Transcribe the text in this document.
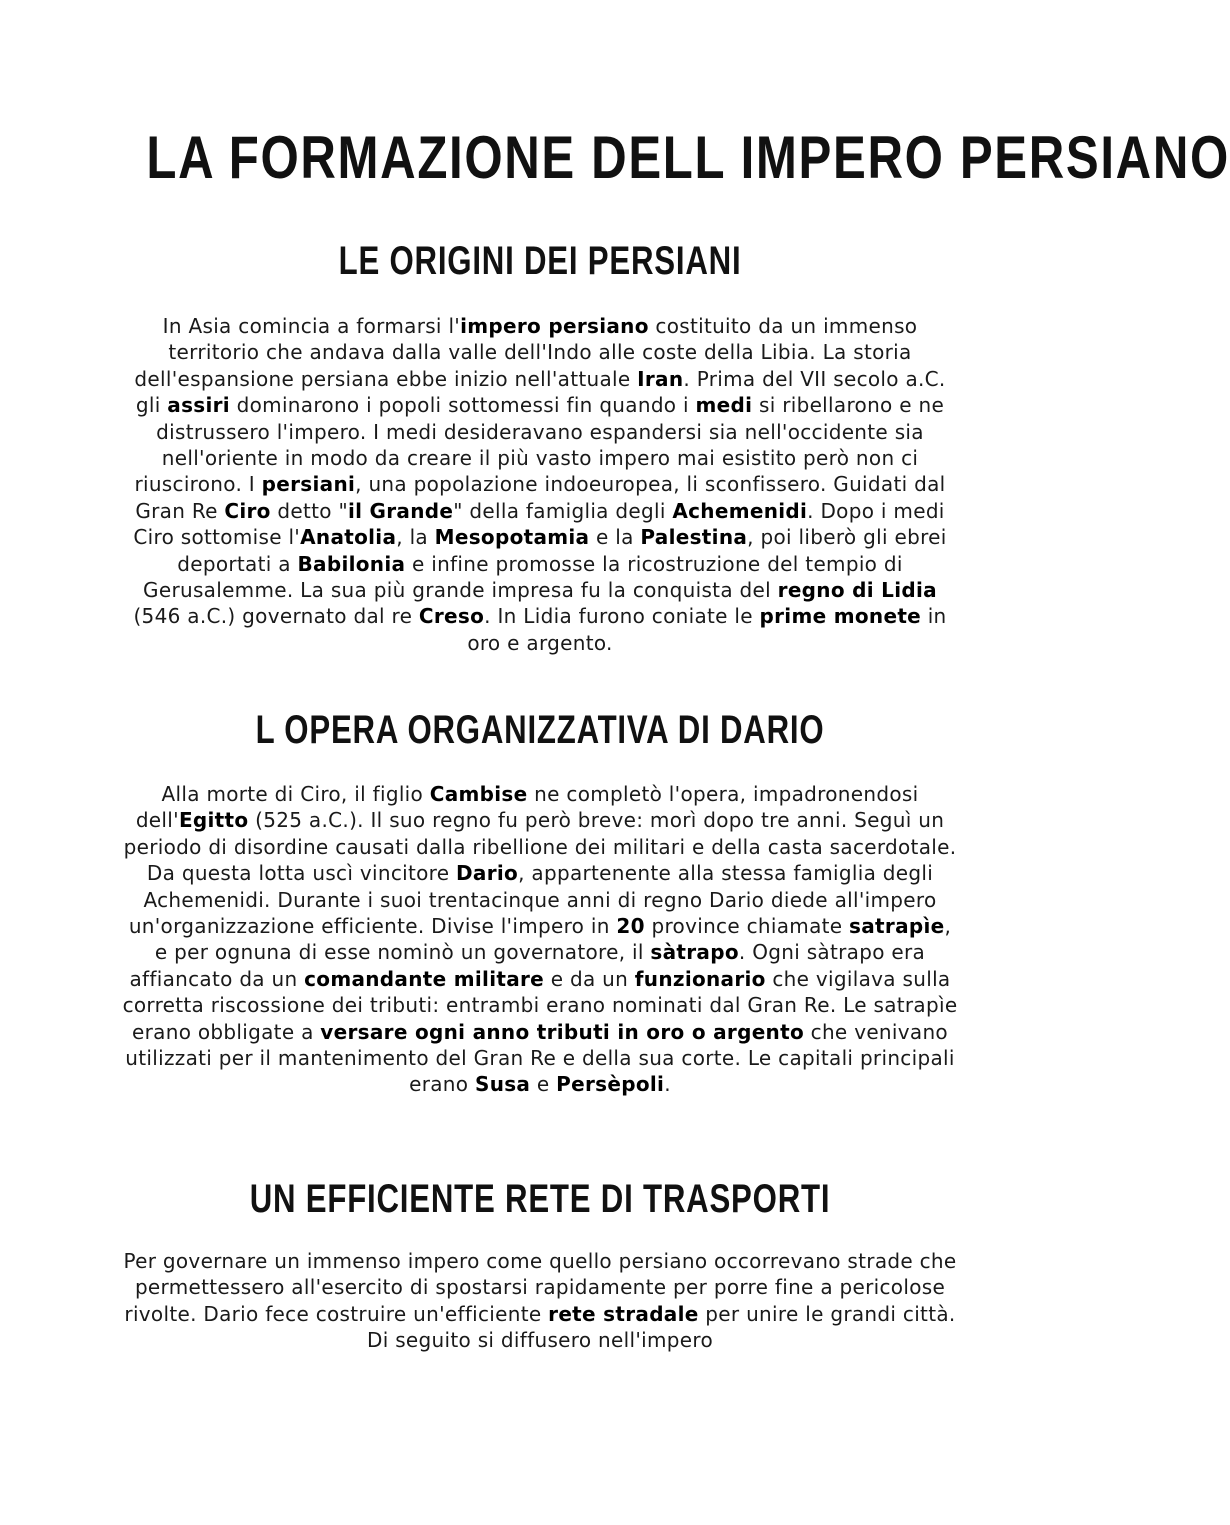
LA FORMAZIONE DELL IMPERO PERSIANO
LE ORIGINI DEI PERSIANI

In Asia comincia a formarsi l'impero persiano costituito da un immenso territorio che andava dalla valle dell'Indo alle coste della Libia. La storia dell'espansione persiana ebbe inizio nell'attuale Iran. Prima del VII secolo a.C. gli assiri dominarono i popoli sottomessi fin quando i medi si ribellarono e ne distrussero l'impero. I medi desideravano espandersi sia nell'occidente sia nell'oriente in modo da creare il più vasto impero mai esistito però non ci riuscirono. I persiani, una popolazione indoeuropea, li sconfissero. Guidati dal Gran Re Ciro detto "il Grande" della famiglia degli Achemenidi. Dopo i medi Ciro sottomise l'Anatolia, la Mesopotamia e la Palestina, poi liberò gli ebrei deportati a Babilonia e infine promosse la ricostruzione del tempio di Gerusalemme. La sua più grande impresa fu la conquista del regno di Lidia (546 a.C.) governato dal re Creso. In Lidia furono coniate le prime monete in oro e argento.

L OPERA ORGANIZZATIVA DI DARIO

Alla morte di Ciro, il figlio Cambise ne completò l'opera, impadronendosi dell'Egitto (525 a.C.). Il suo regno fu però breve: morì dopo tre anni. Seguì un periodo di disordine causati dalla ribellione dei militari e della casta sacerdotale. Da questa lotta uscì vincitore Dario, appartenente alla stessa famiglia degli Achemenidi. Durante i suoi trentacinque anni di regno Dario diede all'impero un'organizzazione efficiente. Divise l'impero in 20 province chiamate satrapìe, e per ognuna di esse nominò un governatore, il sàtrapo. Ogni sàtrapo era affiancato da un comandante militare e da un funzionario che vigilava sulla corretta riscossione dei tributi: entrambi erano nominati dal Gran Re. Le satrapìe erano obbligate a versare ogni anno tributi in oro o argento che venivano utilizzati per il mantenimento del Gran Re e della sua corte. Le capitali principali erano Susa e Persèpoli.

UN EFFICIENTE RETE DI TRASPORTI

Per governare un immenso impero come quello persiano occorrevano strade che permettessero all'esercito di spostarsi rapidamente per porre fine a pericolose rivolte. Dario fece costruire un'efficiente rete stradale per unire le grandi città. Di seguito si diffusero nell'impero
